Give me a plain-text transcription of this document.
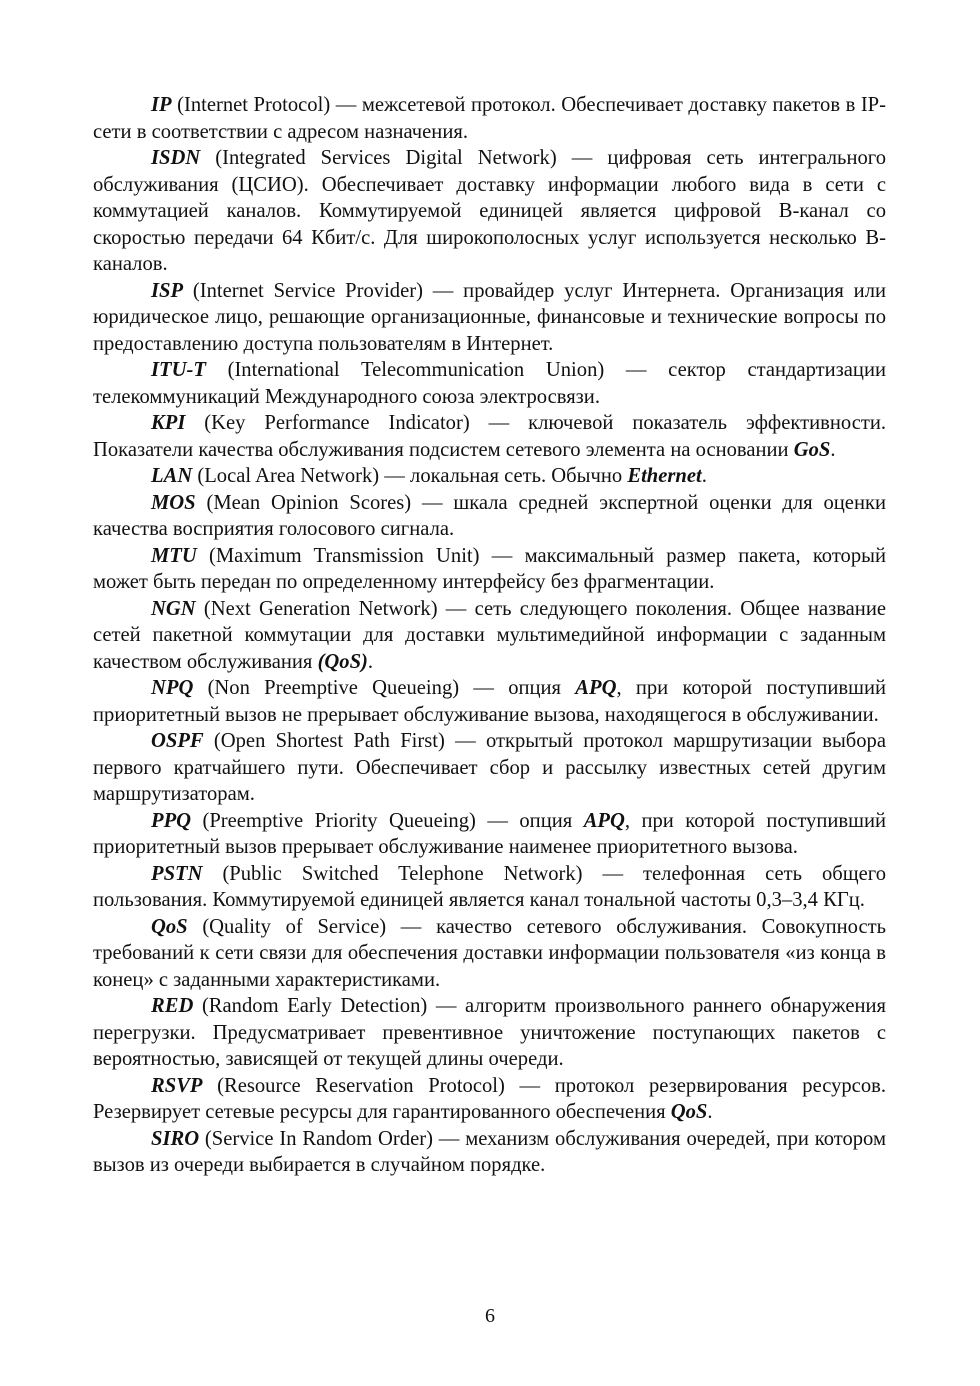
IP (Internet Protocol) — межсетевой протокол. Обеспечивает доставку пакетов в IP-сети в соответствии с адресом назначения.

ISDN (Integrated Services Digital Network) — цифровая сеть интегрального обслуживания (ЦСИО). Обеспечивает доставку информации любого вида в сети с коммутацией каналов. Коммутируемой единицей является цифровой B-канал со скоростью передачи 64 Кбит/с. Для широкополосных услуг используется несколько B-каналов.

ISP (Internet Service Provider) — провайдер услуг Интернета. Организация или юридическое лицо, решающие организационные, финансовые и технические вопросы по предоставлению доступа пользователям в Интернет.

ITU-T (International Telecommunication Union) — сектор стандартизации телекоммуникаций Международного союза электросвязи.

KPI (Key Performance Indicator) — ключевой показатель эффективности. Показатели качества обслуживания подсистем сетевого элемента на основании GoS.

LAN (Local Area Network) — локальная сеть. Обычно Ethernet.

MOS (Mean Opinion Scores) — шкала средней экспертной оценки для оценки качества восприятия голосового сигнала.

MTU (Maximum Transmission Unit) — максимальный размер пакета, который может быть передан по определенному интерфейсу без фрагментации.

NGN (Next Generation Network) — сеть следующего поколения. Общее название сетей пакетной коммутации для доставки мультимедийной информации с заданным качеством обслуживания (QoS).

NPQ (Non Preemptive Queueing) — опция APQ, при которой поступивший приоритетный вызов не прерывает обслуживание вызова, находящегося в обслуживании.

OSPF (Open Shortest Path First) — открытый протокол маршрутизации выбора первого кратчайшего пути. Обеспечивает сбор и рассылку известных сетей другим маршрутизаторам.

PPQ (Preemptive Priority Queueing) — опция APQ, при которой поступивший приоритетный вызов прерывает обслуживание наименее приоритетного вызова.

PSTN (Public Switched Telephone Network) — телефонная сеть общего пользования. Коммутируемой единицей является канал тональной частоты 0,3–3,4 КГц.

QoS (Quality of Service) — качество сетевого обслуживания. Совокупность требований к сети связи для обеспечения доставки информации пользователя «из конца в конец» с заданными характеристиками.

RED (Random Early Detection) — алгоритм произвольного раннего обнаружения перегрузки. Предусматривает превентивное уничтожение поступающих пакетов с вероятностью, зависящей от текущей длины очереди.

RSVP (Resource Reservation Protocol) — протокол резервирования ресурсов. Резервирует сетевые ресурсы для гарантированного обеспечения QoS.

SIRO (Service In Random Order) — механизм обслуживания очередей, при котором вызов из очереди выбирается в случайном порядке.

6
